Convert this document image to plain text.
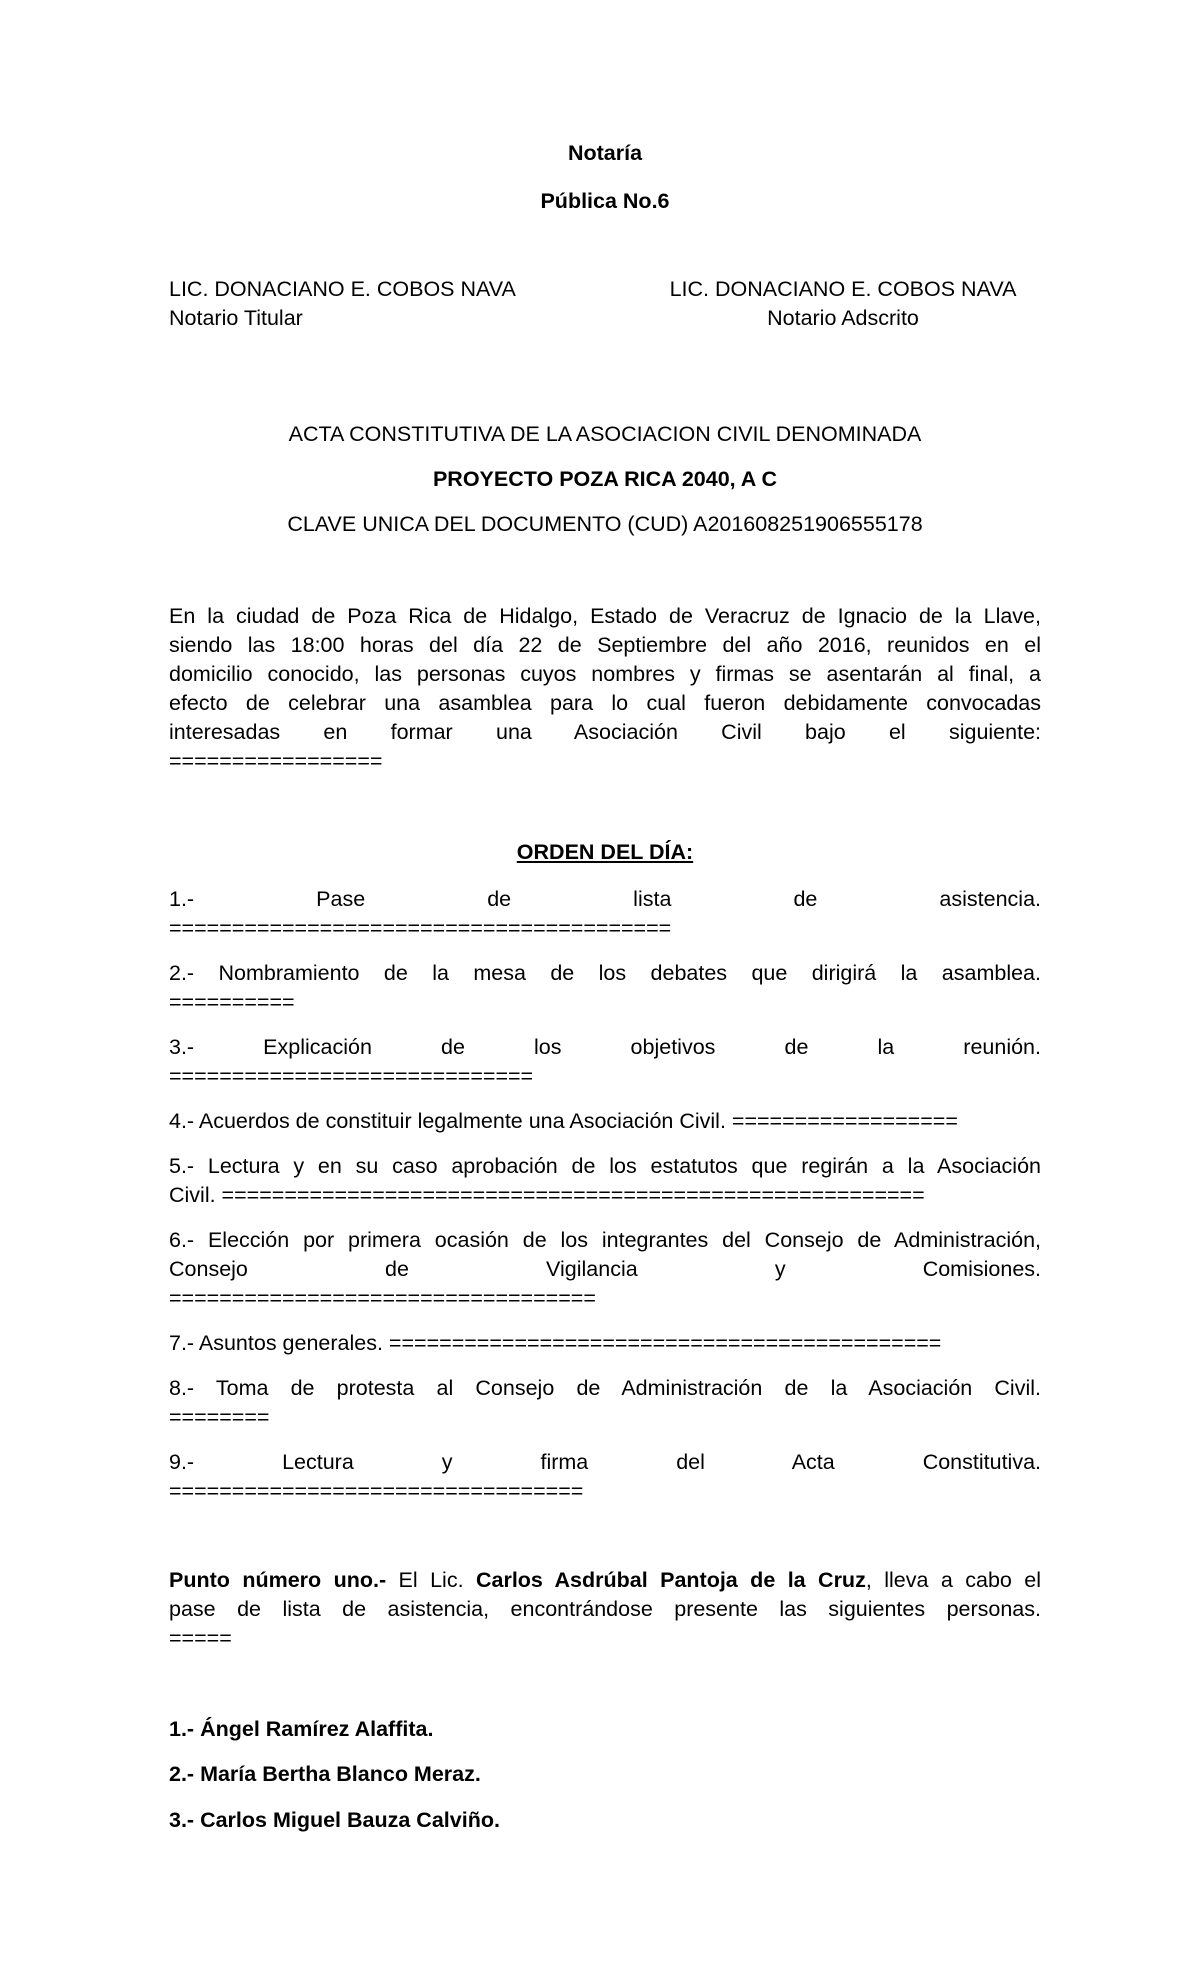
Notaría
Pública No.6
LIC. DONACIANO E. COBOS NAVA
Notario Titular
LIC. DONACIANO E. COBOS NAVA
Notario Adscrito
ACTA CONSTITUTIVA DE LA ASOCIACION CIVIL DENOMINADA
PROYECTO POZA RICA 2040, A C
CLAVE UNICA DEL DOCUMENTO (CUD) A201608251906555178
En la ciudad de Poza Rica de Hidalgo, Estado de Veracruz de Ignacio de la Llave,
siendo las 18:00 horas del día 22 de Septiembre del año 2016, reunidos en el
domicilio conocido, las personas cuyos nombres y firmas se asentarán al final, a
efecto de celebrar una asamblea para lo cual fueron debidamente convocadas
interesadas en formar una Asociación Civil bajo el siguiente:
=================
ORDEN DEL DÍA:
1.- Pase de lista de asistencia.
========================================
2.- Nombramiento de la mesa de los debates que dirigirá la asamblea.
==========
3.- Explicación de los objetivos de la reunión.
=============================
4.- Acuerdos de constituir legalmente una Asociación Civil. ==================
5.- Lectura y en su caso aprobación de los estatutos que regirán a la Asociación
Civil. ========================================================
6.- Elección por primera ocasión de los integrantes del Consejo de Administración,
Consejo de Vigilancia y Comisiones.
==================================
7.- Asuntos generales. ============================================
8.- Toma de protesta al Consejo de Administración de la Asociación Civil.
========
9.- Lectura y firma del Acta Constitutiva.
=================================
Punto número uno.- El Lic. Carlos Asdrúbal Pantoja de la Cruz, lleva a cabo el
pase de lista de asistencia, encontrándose presente las siguientes personas.
=====
1.- Ángel Ramírez Alaffita.
2.- María Bertha Blanco Meraz.
3.- Carlos Miguel Bauza Calviño.
